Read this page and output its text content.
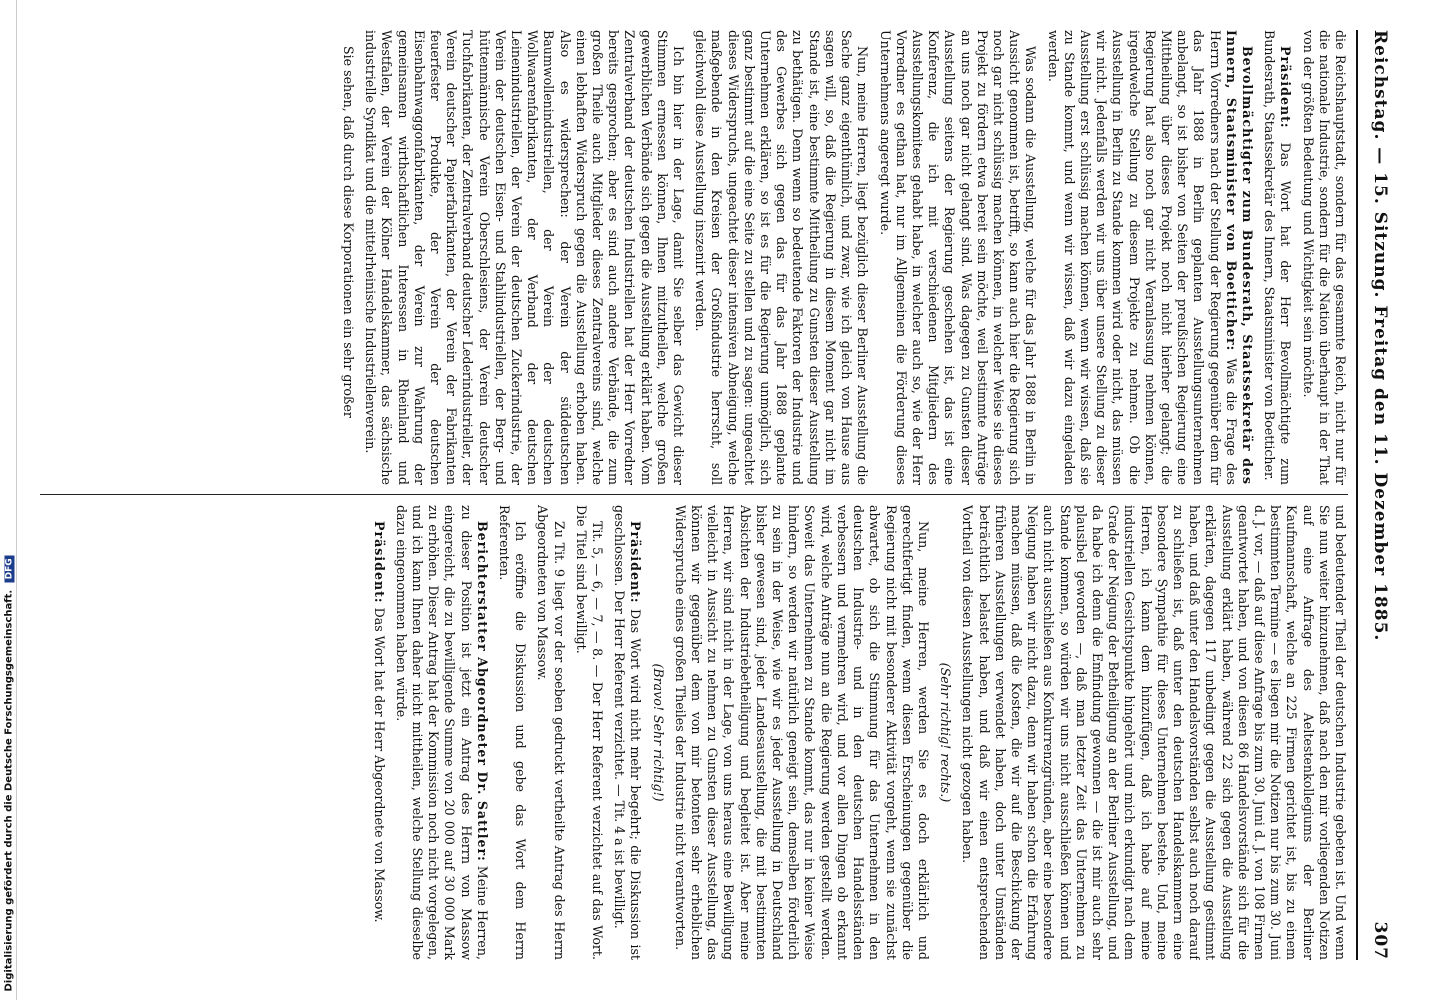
Digitalisierung gefördert durch die Deutsche Forschungsgemeinschaft. DFG	Reichstag. — 15. Sitzung. Freitag den 11. Dezember 1885.
307

die Reichshauptstadt, sondern für das gesammte Reich, nicht nur für die nationale Industrie, sondern für die Nation überhaupt in der That von der größten Bedeutung und Wichtigkeit sein möchte.

Präsident: Das Wort hat der Herr Bevollmächtigte zum Bundesrath, Staatssekretär des Innern, Staatsminister von Boetticher.

Bevollmächtigter zum Bundesrath, Staatssekretär des Innern, Staatsminister von Boetticher: Was die Frage des Herrn Vorredners nach der Stellung der Regierung gegenüber dem für das Jahr 1888 in Berlin geplanten Ausstellungsunternehmen anbelangt, so ist bisher von Seiten der preußischen Regierung eine Mittheilung über dieses Projekt noch nicht hierher gelangt; die Regierung hat also noch gar nicht Veranlassung nehmen können, irgendwelche Stellung zu diesem Projekte zu nehmen. Ob die Ausstellung in Berlin zu Stande kommen wird oder nicht, das müssen wir nicht. Jedenfalls werden wir uns über unsere Stellung zu dieser Ausstellung erst schlüssig machen können, wenn wir wissen, daß sie zu Stande kommt, und wenn wir wissen, daß wir dazu eingeladen werden.

Was sodann die Ausstellung, welche für das Jahr 1888 in Berlin in Aussicht genommen ist, betrifft, so kann auch hier die Regierung sich noch gar nicht schlüssig machen können, in welcher Weise sie dieses Projekt zu fördern etwa bereit sein möchte, weil bestimmte Anträge an uns noch gar nicht gelangt sind. Was dagegen zu Gunsten dieser Ausstellung seitens der Regierung geschehen ist, das ist eine Konferenz, die ich mit verschiedenen Mitgliedern des Ausstellungskomitees gehabt habe, in welcher auch so, wie der Herr Vorredner es gethan hat, nur im Allgemeinen die Förderung dieses Unternehmens angeregt wurde.

Nun, meine Herren, liegt bezüglich dieser Berliner Ausstellung die Sache ganz eigenthümlich, und zwar, wie ich gleich von Hause aus sagen will, so, daß die Regierung in diesem Moment gar nicht im Stande ist, eine bestimmte Mittheilung zu Gunsten dieser Ausstellung zu bethätigen. Denn wenn so bedeutende Faktoren der Industrie und des Gewerbes sich gegen das für das Jahr 1888 geplante Unternehmen erklären, so ist es für die Regierung unmöglich, sich ganz bestimmt auf die eine Seite zu stellen und zu sagen: ungeachtet dieses Widerspruchs, ungeachtet dieser intensiven Abneigung, welche maßgebende in den Kreisen der Großindustrie herrscht, soll gleichwohl diese Ausstellung inszenirt werden.

Ich bin hier in der Lage, damit Sie selber das Gewicht dieser Stimmen ermessen können, Ihnen mitzutheilen, welche großen gewerblichen Verbände sich gegen die Ausstellung erklärt haben. Vom Zentralverband der deutschen Industriellen hat der Herr Vorredner bereits gesprochen; aber es sind auch andere Verbände, die zum großen Theile auch Mitglieder dieses Zentralvereins sind, welche einen lebhaften Widerspruch gegen die Ausstellung erhoben haben. Also es widersprechen: der Verein der süddeutschen Baumwollenindustriellen, der Verein der deutschen Wollwaarenfabrikanten, der Verband der deutschen Leinenindustriellen, der Verein der deutschen Zuckerindustrie, der Verein der deutschen Eisen- und Stahlindustriellen, der Berg- und hüttenmännische Verein Oberschlesiens, der Verein deutscher Tuchfabrikanten, der Zentralverband deutscher Lederindustrieller, der Verein deutscher Papierfabrikanten, der Verein der Fabrikanten feuerfester Produkte, der Verein der deutschen Eisenbahnwaggonfabrikanten, der Verein zur Wahrung der gemeinsamen wirthschaftlichen Interessen in Rheinland und Westfalen, der Verein der Kölner Handelskammer, das sächsische industrielle Syndikat und die mittelrheinische Industriellenverein.

Sie sehen, daß durch diese Korporationen ein sehr großer

und bedeutender Theil der deutschen Industrie gebeten ist. Und wenn Sie nun weiter hinzunehmen, daß nach den mir vorliegenden Notizen auf eine Anfrage des Aeltestenkollegiums der Berliner Kaufmannschaft, welche an 225 Firmen gerichtet ist, bis zu einem bestimmten Termine — es liegen mir die Notizen nur bis zum 30. Juni d. J. vor, — daß auf diese Anfrage bis zum 30. Juni d. J. von 108 Firmen geantwortet haben, und von diesen 86 Handelsvorstände sich für die Ausstellung erklärt haben, während 22 sich gegen die Ausstellung erklärten, dagegen 117 unbedingt gegen die Ausstellung gestimmt haben, und daß unter den Handelsvorständen selbst auch noch darauf zu schließen ist, daß unter den deutschen Handelskammern eine besondere Sympathie für dieses Unternehmen bestehe. Und, meine Herren, ich kann dem hinzufügen, daß ich habe auf meine industriellen Gesichtspunkte hingehört und mich erkundigt nach dem Grade der Neigung der Betheiligung an der Berliner Ausstellung, und da habe ich denn die Emfindung gewonnen — die ist mir auch sehr plausibel geworden —, daß man letzter Zeit das Unternehmen zu Stande kommen, so würden wir uns nicht ausschließen können und auch nicht ausschließen aus Konkurrenzgründen, aber eine besondere Neigung haben wir nicht dazu, denn wir haben schon die Erfahrung machen müssen, daß die Kosten, die wir auf die Beschickung der früheren Ausstellungen verwendet haben, doch unter Umständen beträchtlich belastet haben, und daß wir einen entsprechenden Vortheil von diesen Ausstellungen nicht gezogen haben.

(Sehr richtig! rechts.)

Nun, meine Herren, werden Sie es doch erklärlich und gerechtfertigt finden, wenn diesen Erscheinungen gegenüber die Regierung nicht mit besonderer Aktivität vorgeht, wenn sie zunächst abwartet, ob sich die Stimmung für das Unternehmen in den deutschen Industrie- und in den deutschen Handelsständen verbessern und vermehren wird, und vor allen Dingen ob erkannt wird, welche Anträge nun an die Regierung werden gestellt werden. Soweit das Unternehmen zu Stande kommt, das nur in keiner Weise hindern, so werden wir natürlich geneigt sein, demselben förderlich zu sein in der Weise, wie wir es jeder Ausstellung in Deutschland bisher gewesen sind, jeder Landesausstellung, die mit bestimmten Absichten der Industriebetheiligung und begleitet ist. Aber meine Herren, wir sind nicht in der Lage, von uns heraus eine Bewilligung vielleicht in Aussicht zu nehmen zu Gunsten dieser Ausstellung, das können wir gegenüber dem von mir betonten sehr erheblichen Widerspruche eines großen Theiles der Industrie nicht verantworten.

(Bravo! Sehr richtig!)

Präsident: Das Wort wird nicht mehr begehrt; die Diskussion ist geschlossen. Der Herr Referent verzichtet. — Tit. 4 a ist bewilligt.

Tit. 5, — 6, — 7, — 8. — Der Herr Referent verzichtet auf das Wort. Die Titel sind bewilligt.

Zu Tit. 9 liegt vor der soeben gedruckt vertheilte Antrag des Herrn Abgeordneten von Massow.

Ich eröffne die Diskussion und gebe das Wort dem Herrn Referenten.

Berichterstatter Abgeordneter Dr. Sattler: Meine Herren, zu dieser Position ist jetzt ein Antrag des Herrn von Massow eingereicht, die zu bewilligende Summe von 20 000 auf 30 000 Mark zu erhöhen. Dieser Antrag hat der Kommission noch nicht vorgelegen, und ich kann Ihnen daher nicht mittheilen, welche Stellung dieselbe dazu eingenommen haben würde.

Präsident: Das Wort hat der Herr Abgeordnete von Massow.
